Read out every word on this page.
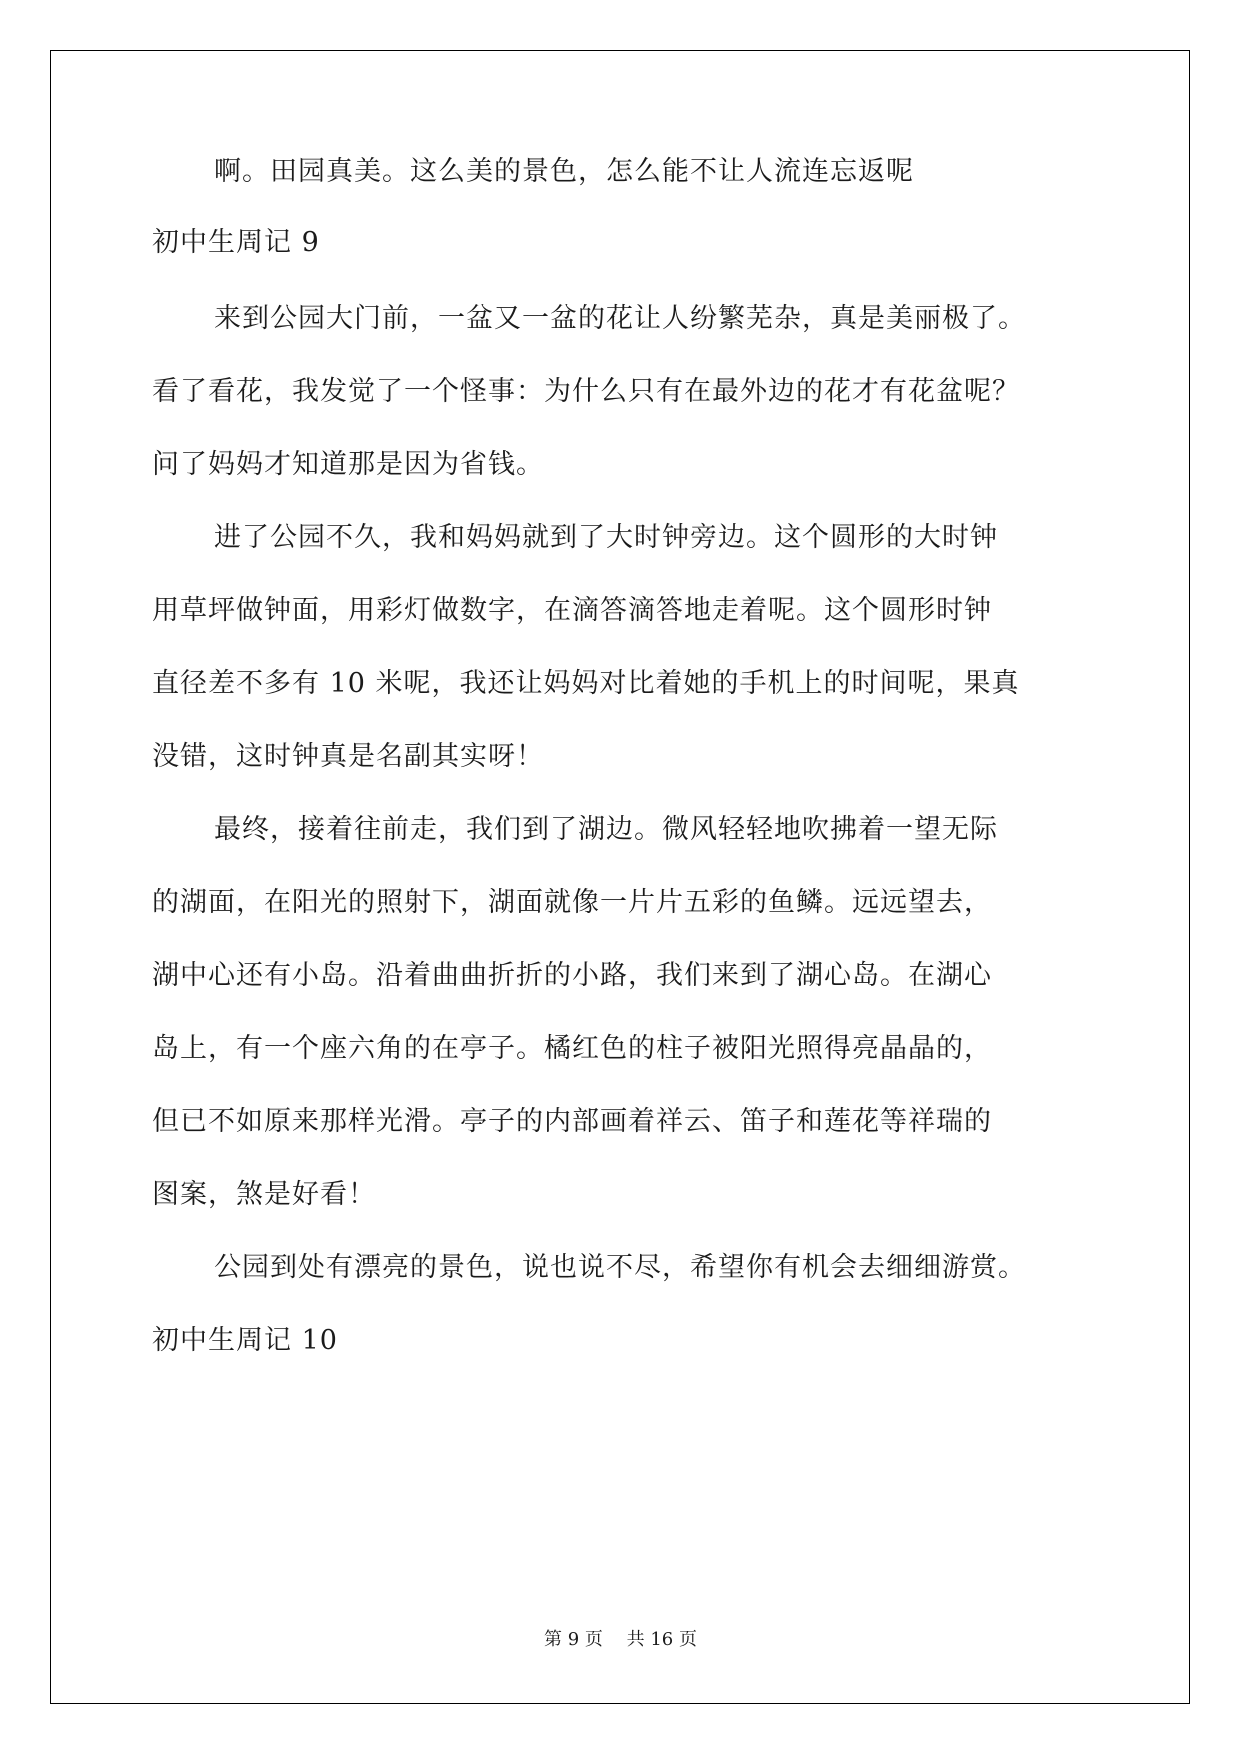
啊。田园真美。这么美的景色，怎么能不让人流连忘返呢

初中生周记 9

来到公园大门前，一盆又一盆的花让人纷繁芜杂，真是美丽极了。

看了看花，我发觉了一个怪事：为什么只有在最外边的花才有花盆呢？

问了妈妈才知道那是因为省钱。

进了公园不久，我和妈妈就到了大时钟旁边。这个圆形的大时钟

用草坪做钟面，用彩灯做数字，在滴答滴答地走着呢。这个圆形时钟

直径差不多有 10 米呢，我还让妈妈对比着她的手机上的时间呢，果真

没错，这时钟真是名副其实呀！

最终，接着往前走，我们到了湖边。微风轻轻地吹拂着一望无际

的湖面，在阳光的照射下，湖面就像一片片五彩的鱼鳞。远远望去，

湖中心还有小岛。沿着曲曲折折的小路，我们来到了湖心岛。在湖心

岛上，有一个座六角的在亭子。橘红色的柱子被阳光照得亮晶晶的，

但已不如原来那样光滑。亭子的内部画着祥云、笛子和莲花等祥瑞的

图案，煞是好看！

公园到处有漂亮的景色，说也说不尽，希望你有机会去细细游赏。

初中生周记 10

第 9 页　 共 16 页
